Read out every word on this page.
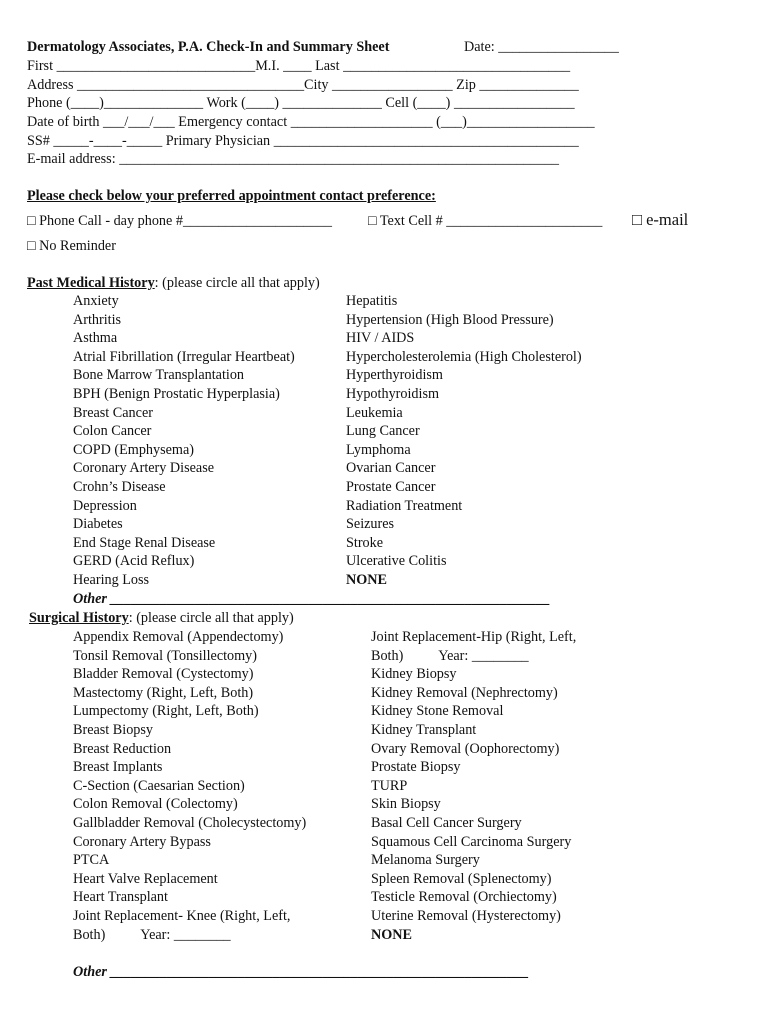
Dermatology Associates, P.A. Check-In and Summary Sheet	Date: _________________
First ____________________________M.I. ____ Last ________________________________
Address ________________________________City _________________ Zip ______________
Phone (____)______________ Work (____) ______________ Cell (____) _________________
Date of birth ___/___/___ Emergency contact ____________________ (___)__________________
SS# _____-____-_____ Primary Physician ___________________________________________
E-mail address: ______________________________________________________________
Please check below your preferred appointment contact preference:
□ Phone Call - day phone #_____________________	□ Text Cell # ______________________ □ e-mail
□ No Reminder
Past Medical History: (please circle all that apply)
Anxiety
Arthritis
Asthma
Atrial Fibrillation (Irregular Heartbeat)
Bone Marrow Transplantation
BPH (Benign Prostatic Hyperplasia)
Breast Cancer
Colon Cancer
COPD (Emphysema)
Coronary Artery Disease
Crohn’s Disease
Depression
Diabetes
End Stage Renal Disease
GERD (Acid Reflux)
Hearing Loss
Hepatitis
Hypertension (High Blood Pressure)
HIV / AIDS
Hypercholesterolemia (High Cholesterol)
Hyperthyroidism
Hypothyroidism
Leukemia
Lung Cancer
Lymphoma
Ovarian Cancer
Prostate Cancer
Radiation Treatment
Seizures
Stroke
Ulcerative Colitis
NONE
Other ______________________________________________________________
Surgical History: (please circle all that apply)
Appendix Removal (Appendectomy)
Tonsil Removal (Tonsillectomy)
Bladder Removal (Cystectomy)
Mastectomy (Right, Left, Both)
Lumpectomy (Right, Left, Both)
Breast Biopsy
Breast Reduction
Breast Implants
C-Section (Caesarian Section)
Colon Removal (Colectomy)
Gallbladder Removal (Cholecystectomy)
Coronary Artery Bypass
PTCA
Heart Valve Replacement
Heart Transplant
Joint Replacement- Knee (Right, Left,
Both)          Year: ________
Joint Replacement-Hip (Right, Left,
Both)          Year: ________
Kidney Biopsy
Kidney Removal (Nephrectomy)
Kidney Stone Removal
Kidney Transplant
Ovary Removal (Oophorectomy)
Prostate Biopsy
TURP
Skin Biopsy
Basal Cell Cancer Surgery
Squamous Cell Carcinoma Surgery
Melanoma Surgery
Spleen Removal (Splenectomy)
Testicle Removal (Orchiectomy)
Uterine Removal (Hysterectomy)
NONE
Other ___________________________________________________________
